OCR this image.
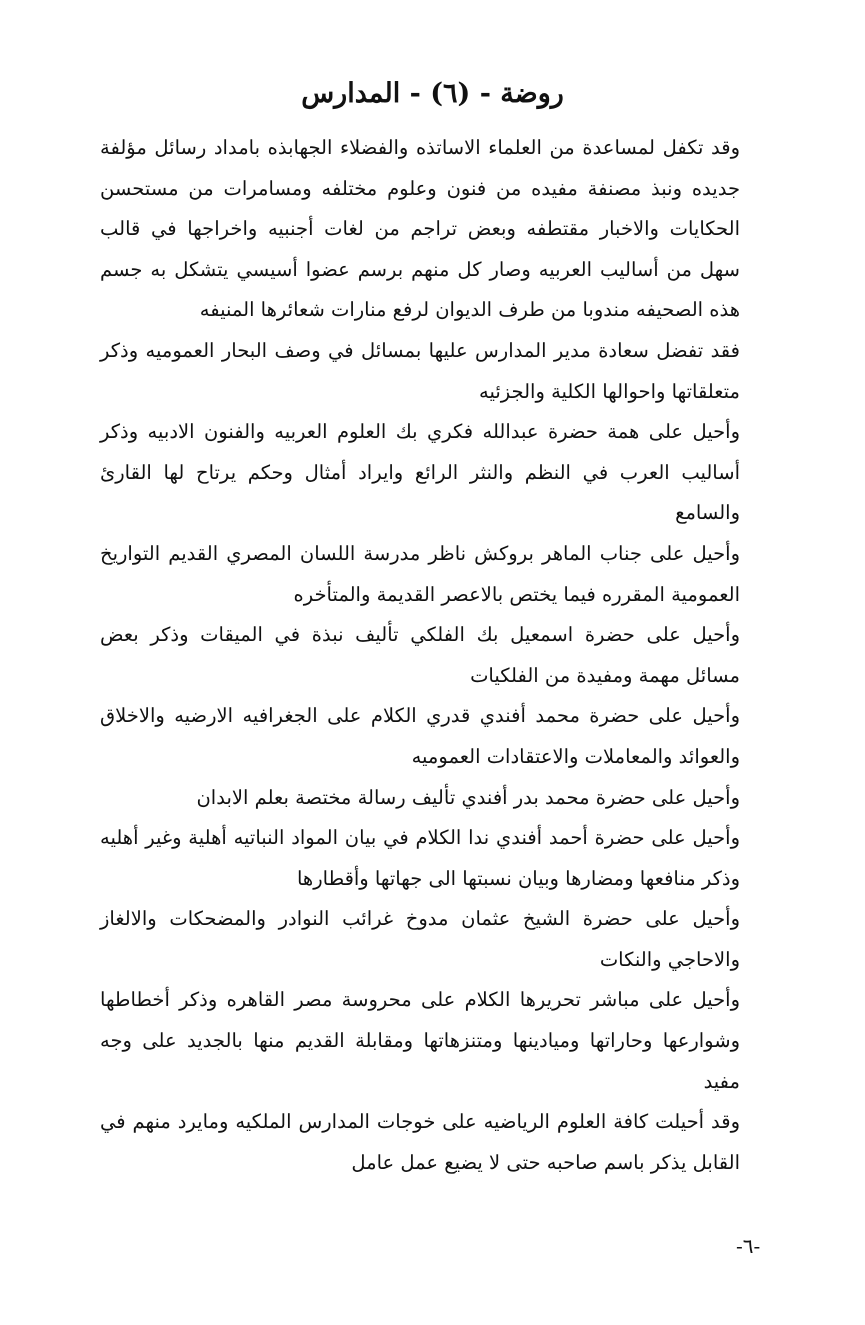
روضة - (٦) - المدارس

وقد تكفل لمساعدة من العلماء الاساتذه والفضلاء الجهابذه بامداد رسائل مؤلفة جديده ونبذ مصنفة مفيده من فنون وعلوم مختلفه ومسامرات من مستحسن الحكايات والاخبار مقتطفه وبعض تراجم من لغات أجنبيه واخراجها في قالب سهل من أساليب العربيه وصار كل منهم برسم عضوا أسيسي يتشكل به جسم هذه الصحيفه مندوبا من طرف الديوان لرفع منارات شعائرها المنيفه

فقد تفضل سعادة مدير المدارس عليها بمسائل في وصف البحار العموميه وذكر متعلقاتها واحوالها الكلية والجزئيه

وأحيل على همة حضرة عبدالله فكري بك العلوم العربيه والفنون الادبيه وذكر أساليب العرب في النظم والنثر الرائع وايراد أمثال وحكم يرتاح لها القارئ والسامع

وأحيل على جناب الماهر بروكش ناظر مدرسة اللسان المصري القديم التواريخ العمومية المقرره فيما يختص بالاعصر القديمة والمتأخره

وأحيل على حضرة اسمعيل بك الفلكي تأليف نبذة في الميقات وذكر بعض مسائل مهمة ومفيدة من الفلكيات

وأحيل على حضرة محمد أفندي قدري الكلام على الجغرافيه الارضيه والاخلاق والعوائد والمعاملات والاعتقادات العموميه

وأحيل على حضرة محمد بدر أفندي تأليف رسالة مختصة بعلم الابدان

وأحيل على حضرة أحمد أفندي ندا الكلام في بيان المواد النباتيه أهلية وغير أهليه وذكر منافعها ومضارها وبيان نسبتها الى جهاتها وأقطارها

وأحيل على حضرة الشيخ عثمان مدوخ غرائب النوادر والمضحكات والالغاز والاحاجي والنكات

وأحيل على مباشر تحريرها الكلام على محروسة مصر القاهره وذكر أخطاطها وشوارعها وحاراتها وميادينها ومتنزهاتها ومقابلة القديم منها بالجديد على وجه مفيد

وقد أحيلت كافة العلوم الرياضيه على خوجات المدارس الملكيه ومايرد منهم في القابل يذكر باسم صاحبه حتى لا يضيع عمل عامل

-٦-
